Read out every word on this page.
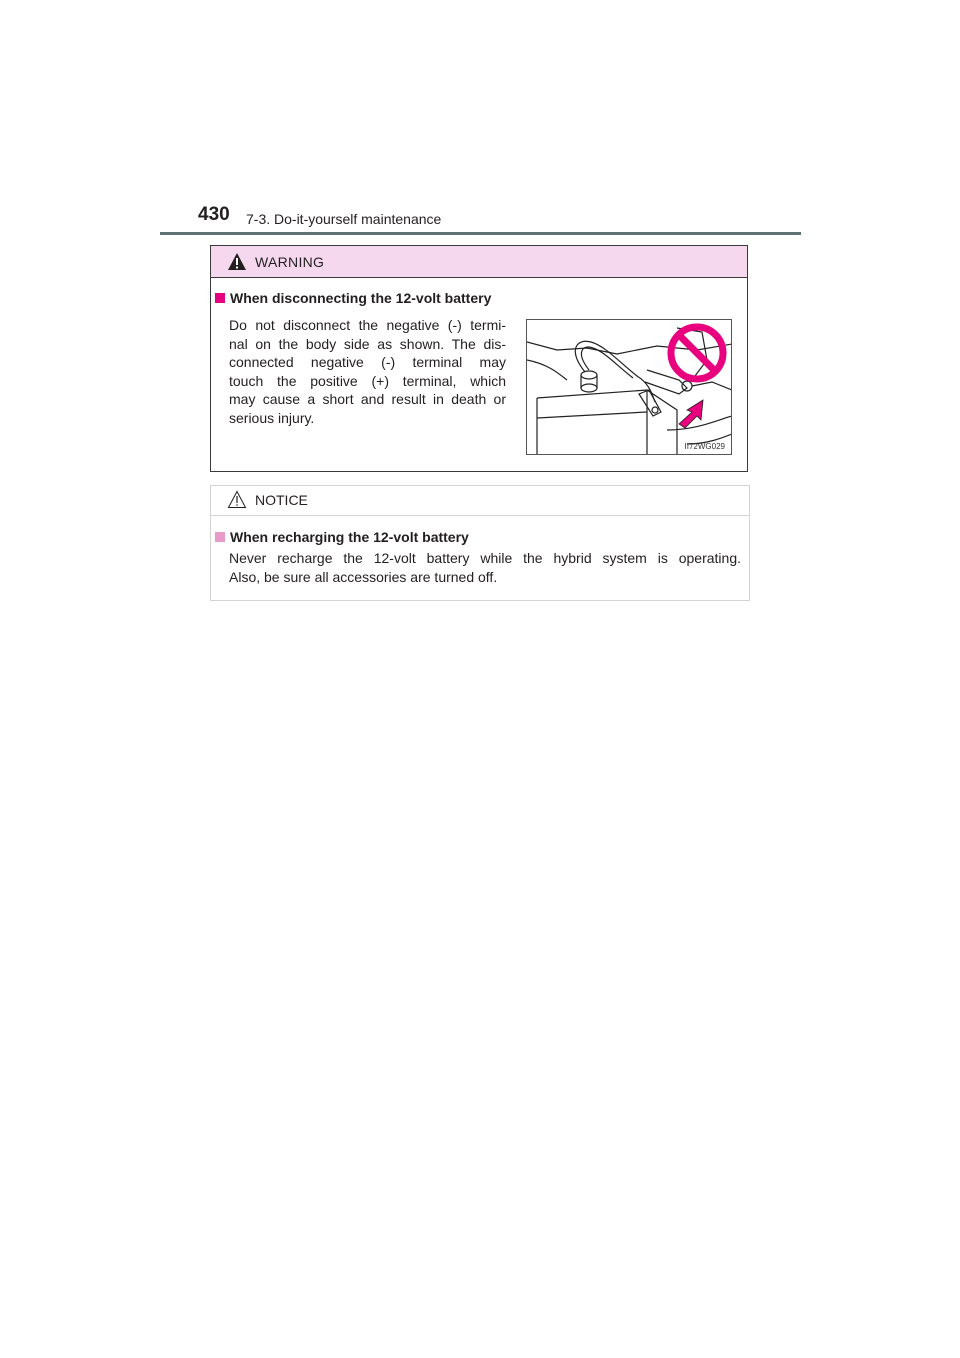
430 7-3. Do-it-yourself maintenance
WARNING
When disconnecting the 12-volt battery
Do not disconnect the negative (-) termi-
nal on the body side as shown. The dis-
connected negative (-) terminal may
touch the positive (+) terminal, which
may cause a short and result in death or
serious injury.
II72WG029
NOTICE
When recharging the 12-volt battery
Never recharge the 12-volt battery while the hybrid system is operating.
Also, be sure all accessories are turned off.
